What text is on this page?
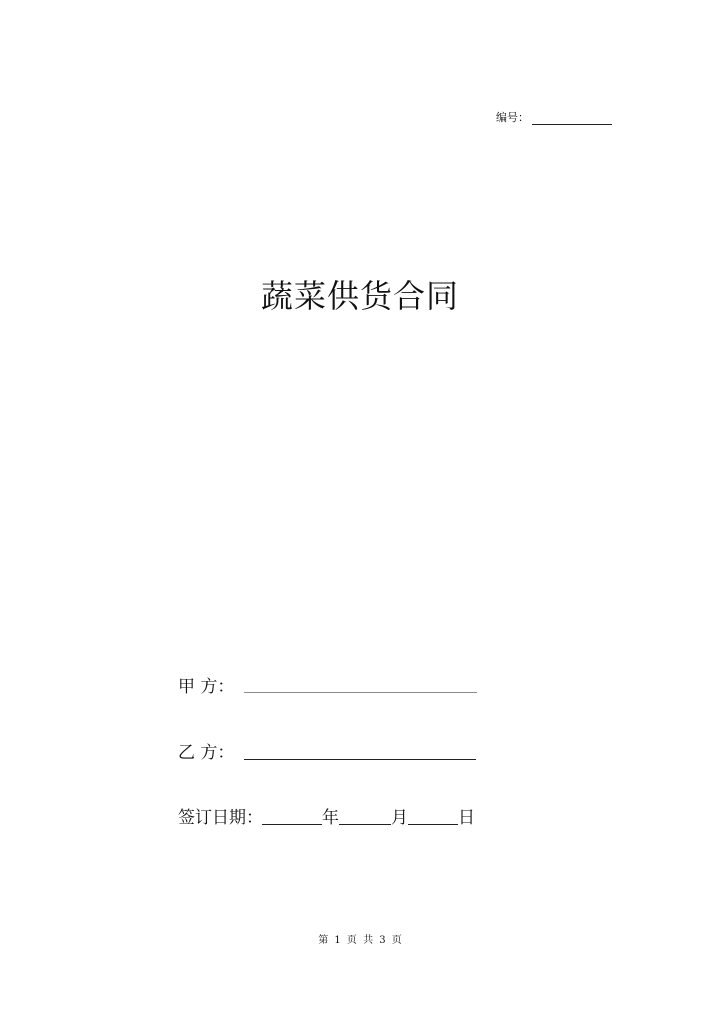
编号：
蔬菜供货合同
甲 方：
乙 方：
签订日期：	年	月	日
第 1 页 共 3 页
